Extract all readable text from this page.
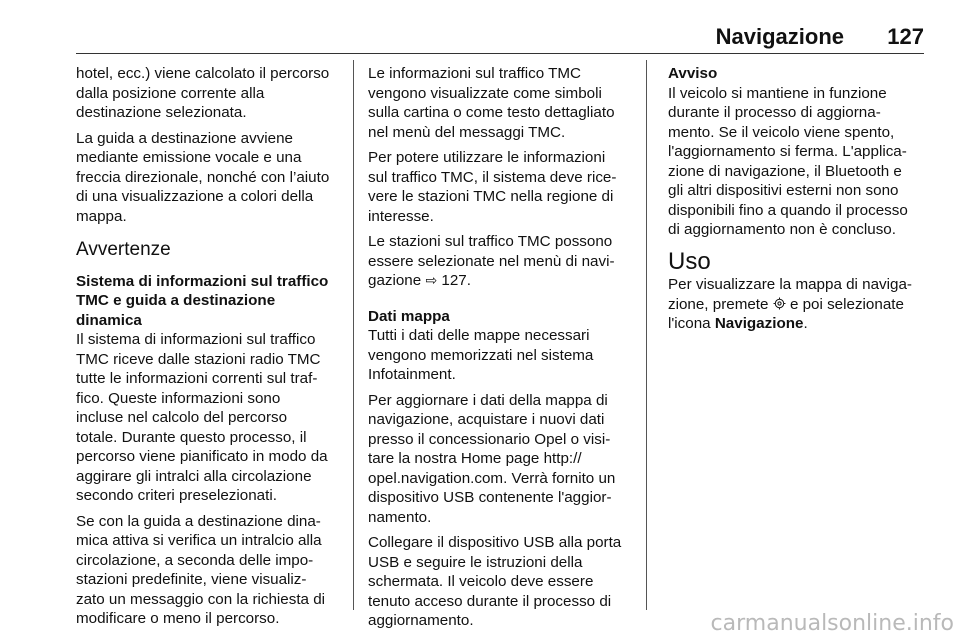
Navigazione 127

hotel, ecc.) viene calcolato il percorso
dalla posizione corrente alla
destinazione selezionata.

La guida a destinazione avviene
mediante emissione vocale e una
freccia direzionale, nonché con l’aiuto
di una visualizzazione a colori della
mappa.

Avvertenze
Sistema di informazioni sul traffico
TMC e guida a destinazione dinamica

Il sistema di informazioni sul traffico
TMC riceve dalle stazioni radio TMC
tutte le informazioni correnti sul traf-
fico. Queste informazioni sono
incluse nel calcolo del percorso
totale. Durante questo processo, il
percorso viene pianificato in modo da
aggirare gli intralci alla circolazione
secondo criteri preselezionati.

Se con la guida a destinazione dina-
mica attiva si verifica un intralcio alla
circolazione, a seconda delle impo-
stazioni predefinite, viene visualiz-
zato un messaggio con la richiesta di
modificare o meno il percorso.

Le informazioni sul traffico TMC
vengono visualizzate come simboli
sulla cartina o come testo dettagliato
nel menù del messaggi TMC.

Per potere utilizzare le informazioni
sul traffico TMC, il sistema deve rice-
vere le stazioni TMC nella regione di
interesse.

Le stazioni sul traffico TMC possono
essere selezionate nel menù di navi-
gazione ⇨ 127.

Dati mappa

Tutti i dati delle mappe necessari
vengono memorizzati nel sistema
Infotainment.

Per aggiornare i dati della mappa di
navigazione, acquistare i nuovi dati
presso il concessionario Opel o visi-
tare la nostra Home page http://
opel.navigation.com. Verrà fornito un
dispositivo USB contenente l'aggior-
namento.

Collegare il dispositivo USB alla porta
USB e seguire le istruzioni della
schermata. Il veicolo deve essere
tenuto acceso durante il processo di
aggiornamento.

Avviso

Il veicolo si mantiene in funzione
durante il processo di aggiorna-
mento. Se il veicolo viene spento,
l'aggiornamento si ferma. L'applica-
zione di navigazione, il Bluetooth e
gli altri dispositivi esterni non sono
disponibili fino a quando il processo
di aggiornamento non è concluso.

Uso

Per visualizzare la mappa di naviga-
zione, premete e poi selezionate
l'icona Navigazione.

carmanualsonline.info
